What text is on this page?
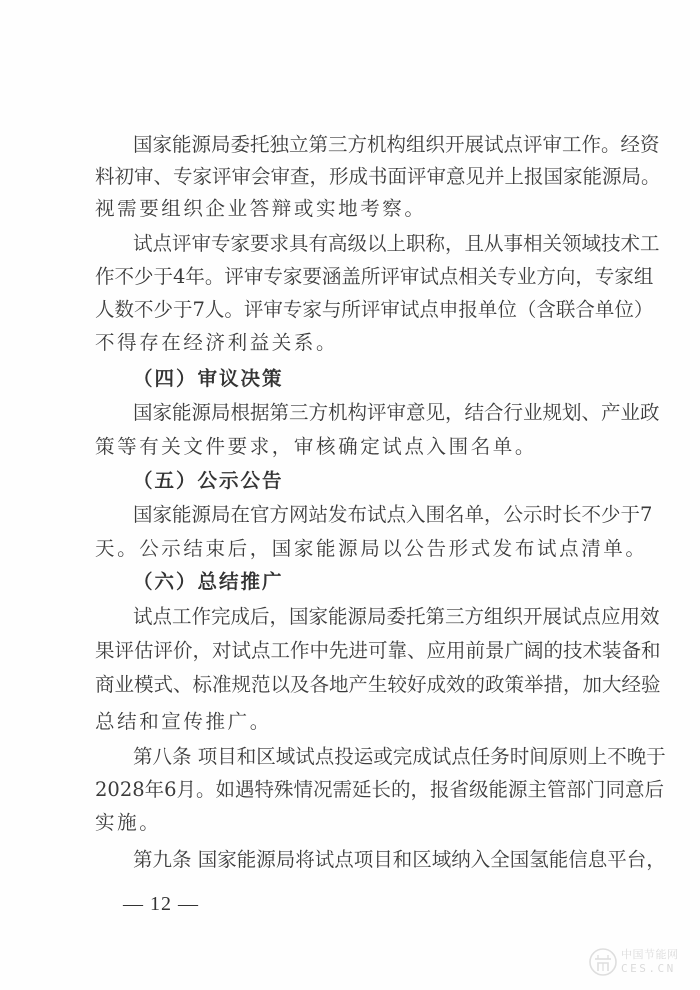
国家能源局委托独立第三方机构组织开展试点评审工作。经资
料初审、专家评审会审查，形成书面评审意见并上报国家能源局。
视需要组织企业答辩或实地考察。
试点评审专家要求具有高级以上职称，且从事相关领域技术工
作不少于4年。评审专家要涵盖所评审试点相关专业方向，专家组
人数不少于7人。评审专家与所评审试点申报单位（含联合单位）
不得存在经济利益关系。
（四）审议决策
国家能源局根据第三方机构评审意见，结合行业规划、产业政
策等有关文件要求，审核确定试点入围名单。
（五）公示公告
国家能源局在官方网站发布试点入围名单，公示时长不少于7
天。公示结束后，国家能源局以公告形式发布试点清单。
（六）总结推广
试点工作完成后，国家能源局委托第三方组织开展试点应用效
果评估评价，对试点工作中先进可靠、应用前景广阔的技术装备和
商业模式、标准规范以及各地产生较好成效的政策举措，加大经验
总结和宣传推广。
第八条 项目和区域试点投运或完成试点任务时间原则上不晚于
2028年6月。如遇特殊情况需延长的，报省级能源主管部门同意后
实施。
第九条 国家能源局将试点项目和区域纳入全国氢能信息平台，
— 12 —
中国节能网
CES.CN
